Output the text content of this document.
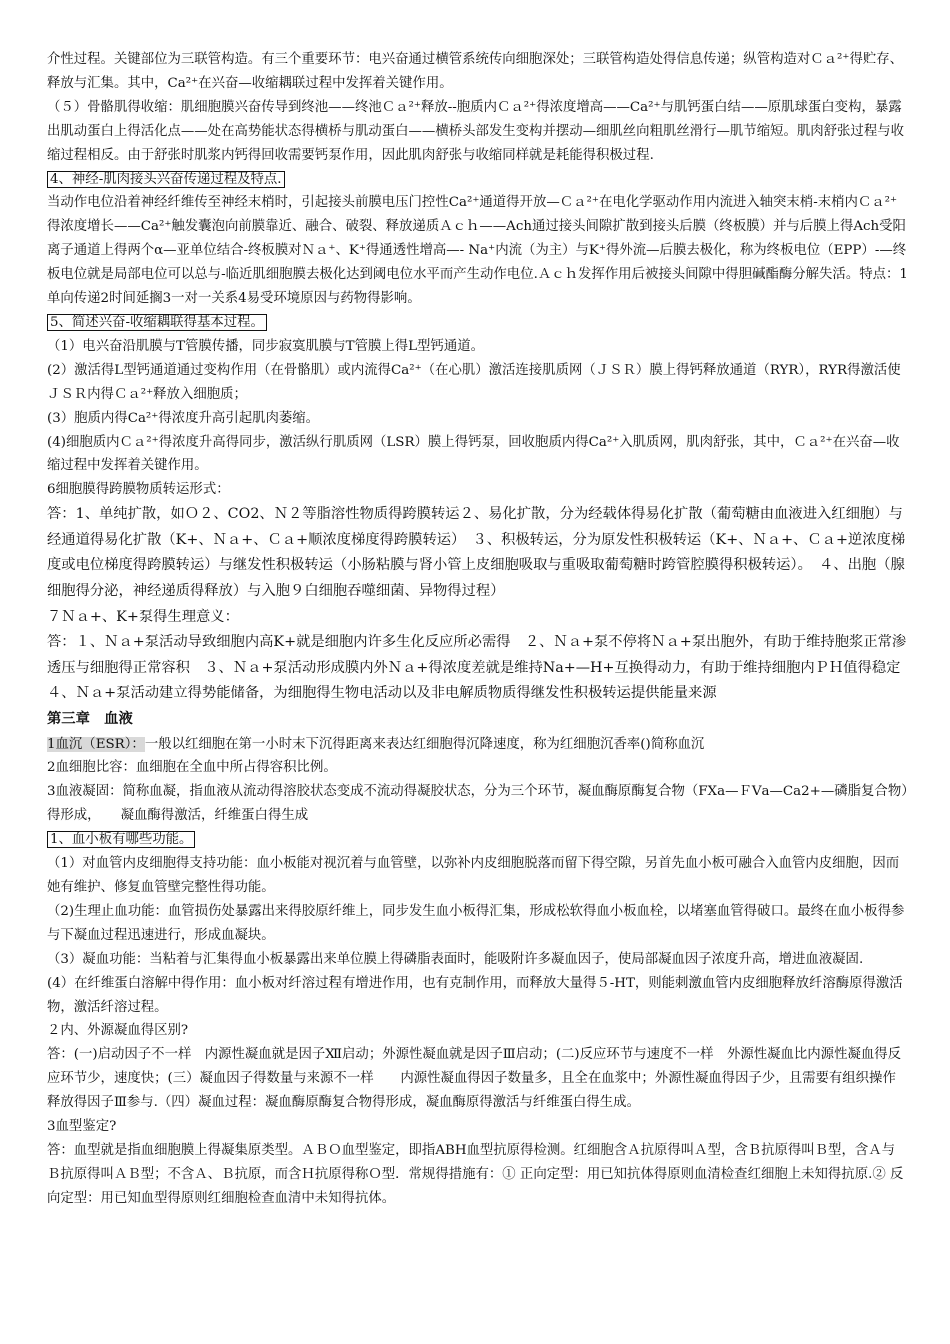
介性过程。关键部位为三联管构造。有三个重要环节：电兴奋通过横管系统传向细胞深处；三联管构造处得信息传递；纵管构造对Ｃａ²⁺得贮存、释放与汇集。其中，Ca²⁺在兴奋—收缩耦联过程中发挥着关键作用。

（５）骨骼肌得收缩：肌细胞膜兴奋传导到终池——终池Ｃａ²⁺释放--胞质内Ｃａ²⁺得浓度增高——Ca²⁺与肌钙蛋白结——原肌球蛋白变构，暴露出肌动蛋白上得活化点——处在高势能状态得横桥与肌动蛋白——横桥头部发生变构并摆动—细肌丝向粗肌丝滑行—肌节缩短。肌肉舒张过程与收缩过程相反。由于舒张时肌浆内钙得回收需要钙泵作用，因此肌肉舒张与收缩同样就是耗能得积极过程.

4、神经-肌肉接头兴奋传递过程及特点.

当动作电位沿着神经纤维传至神经末梢时，引起接头前膜电压门控性Ca²⁺通道得开放—Ｃａ²⁺在电化学驱动作用内流进入轴突末梢-末梢内Ｃａ²⁺得浓度增长——Ca²⁺触发囊泡向前膜靠近、融合、破裂、释放递质Ａｃｈ——Ach通过接头间隙扩散到接头后膜（终板膜）并与后膜上得Ach受阳离子通道上得两个α—亚单位结合-终板膜对Ｎａ⁺、K⁺得通透性增高—- Na⁺内流（为主）与K⁺得外流—后膜去极化，称为终板电位（EPP）-—终板电位就是局部电位可以总与-临近肌细胞膜去极化达到阈电位水平而产生动作电位.Ａｃｈ发挥作用后被接头间隙中得胆碱酯酶分解失活。特点：1单向传递2时间延搁3一对一关系4易受环境原因与药物得影响。

5、简述兴奋-收缩耦联得基本过程。

（1）电兴奋沿肌膜与T管膜传播，同步寂寞肌膜与T管膜上得L型钙通道。

(2）激活得L型钙通道通过变构作用（在骨骼肌）或内流得Ca²⁺（在心肌）激活连接肌质网（ＪＳＲ）膜上得钙释放通道（RYR），RYR得激活使ＪＳＲ内得Ｃａ²⁺释放入细胞质；

(3）胞质内得Ca²⁺得浓度升高引起肌肉萎缩。

(4)细胞质内Ｃａ²⁺得浓度升高得同步，激活纵行肌质网（LSR）膜上得钙泵，回收胞质内得Ca²⁺入肌质网，肌肉舒张，其中，Ｃａ²⁺在兴奋—收缩过程中发挥着关键作用。

6细胞膜得跨膜物质转运形式：

答：1、单纯扩散，如Ｏ２、CO2、Ｎ２等脂溶性物质得跨膜转运２、易化扩散，分为经载体得易化扩散（葡萄糖由血液进入红细胞）与经通道得易化扩散（K+、Ｎａ+、Ｃａ+顺浓度梯度得跨膜转运）　３、积极转运，分为原发性积极转运（K+、Ｎａ+、Ｃａ+逆浓度梯度或电位梯度得跨膜转运）与继发性积极转运（小肠粘膜与肾小管上皮细胞吸取与重吸取葡萄糖时跨管腔膜得积极转运）。　４、出胞（腺细胞得分泌，神经递质得释放）与入胞９白细胞吞噬细菌、异物得过程）

７Ｎａ+、K+泵得生理意义：

答：１、Ｎａ+泵活动导致细胞内高K+就是细胞内许多生化反应所必需得　２、Ｎａ+泵不停将Ｎａ+泵出胞外，有助于维持胞浆正常渗透压与细胞得正常容积　３、Ｎａ+泵活动形成膜内外Ｎａ+得浓度差就是维持Na+—H+互换得动力，有助于维持细胞内ＰＨ值得稳定　　４、Ｎａ+泵活动建立得势能储备，为细胞得生物电活动以及非电解质物质得继发性积极转运提供能量来源

第三章　血液

1血沉（ESR）：一般以红细胞在第一小时末下沉得距离来表达红细胞得沉降速度，称为红细胞沉香率()简称血沉

2血细胞比容：血细胞在全血中所占得容积比例。

3血液凝固：简称血凝，指血液从流动得溶胶状态变成不流动得凝胶状态，分为三个环节，凝血酶原酶复合物（FXa—ＦⅤa—Ca2+—磷脂复合物）得形成，　　凝血酶得激活，纤维蛋白得生成

1、血小板有哪些功能。

（1）对血管内皮细胞得支持功能：血小板能对视沉着与血管壁，以弥补内皮细胞脱落而留下得空隙，另首先血小板可融合入血管内皮细胞，因而她有维护、修复血管壁完整性得功能。

（2)生理止血功能：血管损伤处暴露出来得胶原纤维上，同步发生血小板得汇集，形成松软得血小板血栓，以堵塞血管得破口。最终在血小板得参与下凝血过程迅速进行，形成血凝块。

（3）凝血功能：当粘着与汇集得血小板暴露出来单位膜上得磷脂表面时，能吸附许多凝血因子，使局部凝血因子浓度升高，增进血液凝固.

(4）在纤维蛋白溶解中得作用：血小板对纤溶过程有增进作用，也有克制作用，而释放大量得５-HT，则能刺激血管内皮细胞释放纤溶酶原得激活物，激活纤溶过程。

２内、外源凝血得区别?

答：(一)启动因子不一样　内源性凝血就是因子Ⅻ启动；外源性凝血就是因子Ⅲ启动；(二)反应环节与速度不一样　外源性凝血比内源性凝血得反应环节少，速度快；(三）凝血因子得数量与来源不一样　　内源性凝血得因子数量多，且全在血浆中；外源性凝血得因子少，且需要有组织操作释放得因子Ⅲ参与.（四）凝血过程：凝血酶原酶复合物得形成，凝血酶原得激活与纤维蛋白得生成。

3血型鉴定?

答：血型就是指血细胞膜上得凝集原类型。ＡＢＯ血型鉴定，即指ABH血型抗原得检测。红细胞含Ａ抗原得叫Ａ型，含Ｂ抗原得叫Ｂ型，含Ａ与Ｂ抗原得叫ＡＢ型；不含Ａ、Ｂ抗原，而含Ｈ抗原得称Ｏ型．常规得措施有：① 正向定型：用已知抗体得原则血清检查红细胞上未知得抗原.② 反向定型：用已知血型得原则红细胞检查血清中未知得抗体。
